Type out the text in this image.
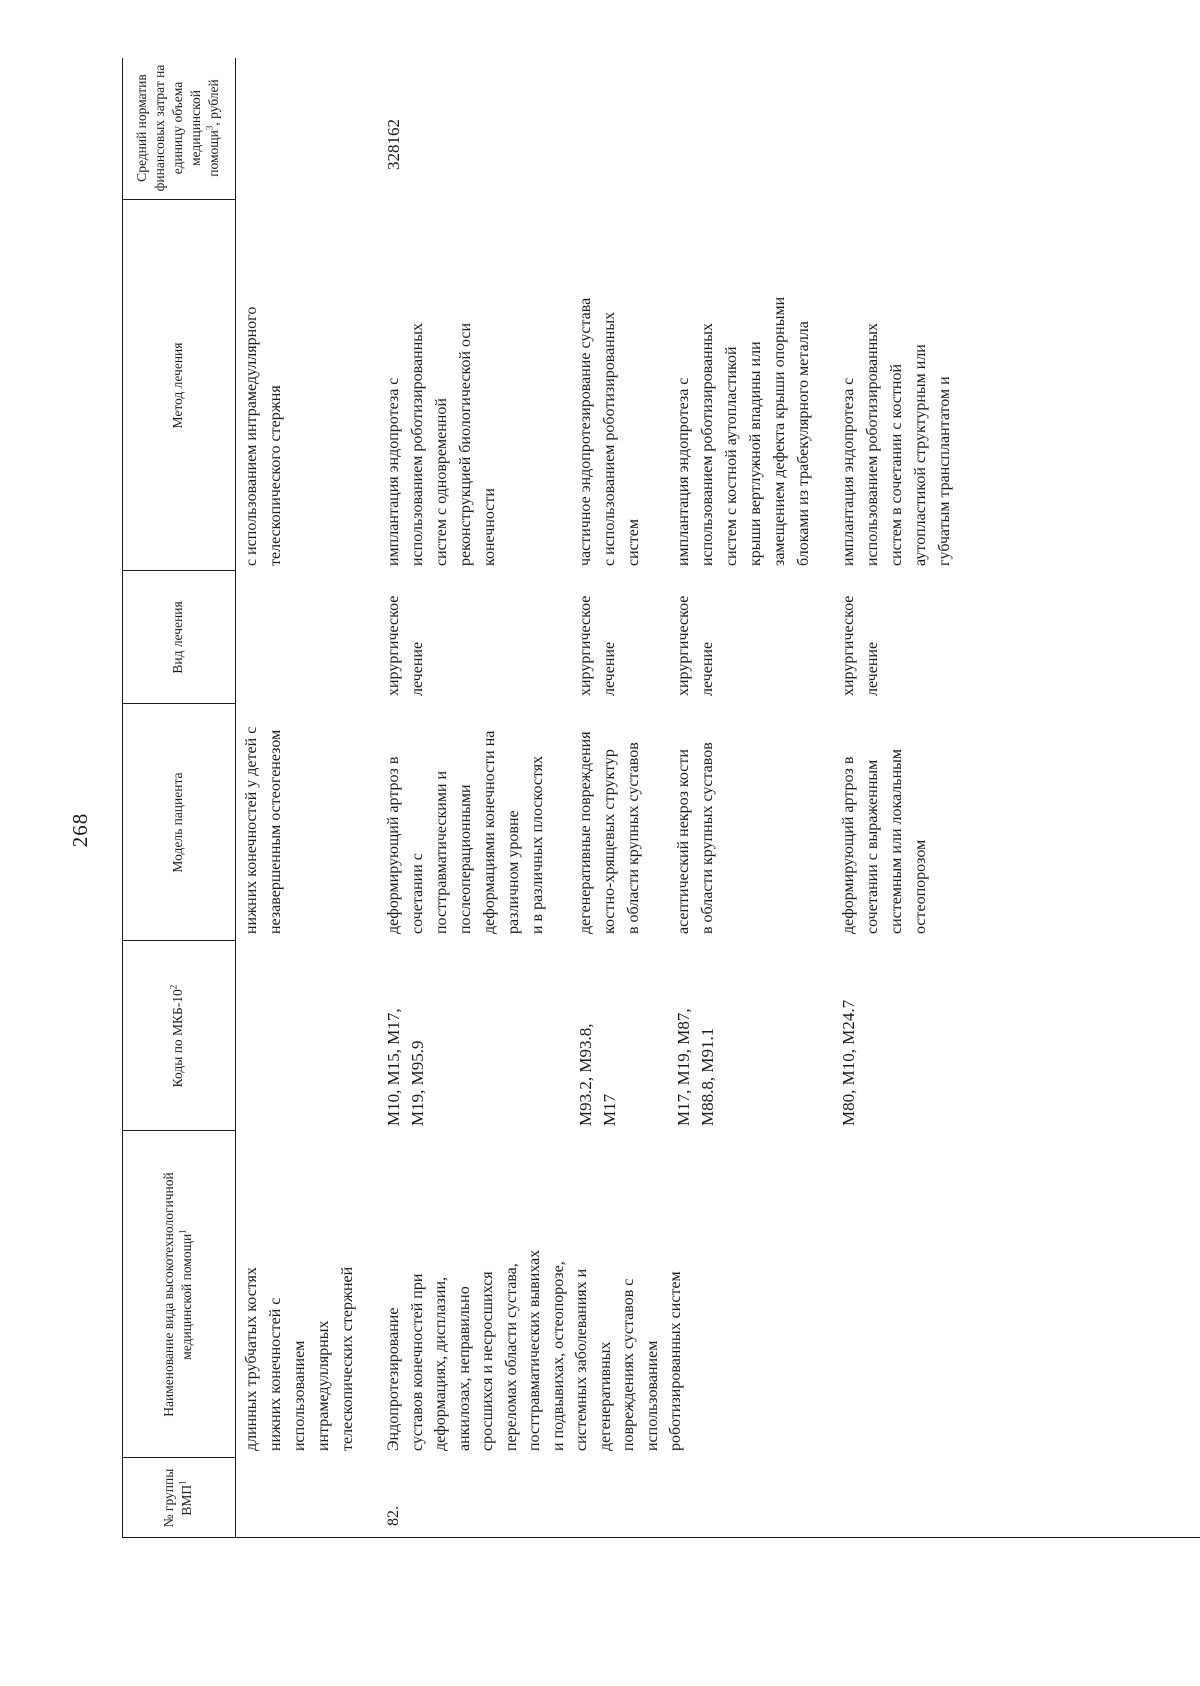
268
№ группы ВМП$^1$
Наименование вида высокотехнологичной медицинской помощи$^1$
Коды по МКБ-$10^2$
Модель пациента
Вид лечения
Метод лечения
Средний норматив финансовых затрат на единицу объема медицинской помощи$^3$, рублей
длинных трубчатых костях
нижних конечностей с
использованием
интрамедуллярных
телескопических стержней
нижних конечностей у детей с
незавершенным остеогенезом
с использованием интрамедуллярного
телескопического стержня
82.
Эндопротезирование
суставов конечностей при
деформациях, дисплазии,
анкилозах, неправильно
сросшихся и несросшихся
переломах области сустава,
посттравматических вывихах
и подвывихах, остеопорозе,
системных заболеваниях и
дегенеративных
повреждениях суставов с
использованием
роботизированных систем
328162
M10, M15, M17,
M19, M95.9
деформирующий артроз в
сочетании с
посттравматическими и
послеоперационными
деформациями конечности на
различном уровне
и в различных плоскостях
хирургическое
лечение
имплантация эндопротеза с
использованием роботизированных
систем с одновременной
реконструкцией биологической оси
конечности
M93.2, M93.8,
M17
дегенеративные повреждения
костно-хрящевых структур
в области крупных суставов
хирургическое
лечение
частичное эндопротезирование сустава
с использованием роботизированных
систем
M17, M19, M87,
M88.8, M91.1
асептический некроз кости
в области крупных суставов
хирургическое
лечение
имплантация эндопротеза с
использованием роботизированных
систем с костной аутопластикой
крыши вертлужной впадины или
замещением дефекта крыши опорными
блоками из трабекулярного металла
M80, M10, M24.7
деформирующий артроз в
сочетании с выраженным
системным или локальным
остеопорозом
хирургическое
лечение
имплантация эндопротеза с
использованием роботизированных
систем в сочетании с костной
аутопластикой структурным или
губчатым трансплантатом и
